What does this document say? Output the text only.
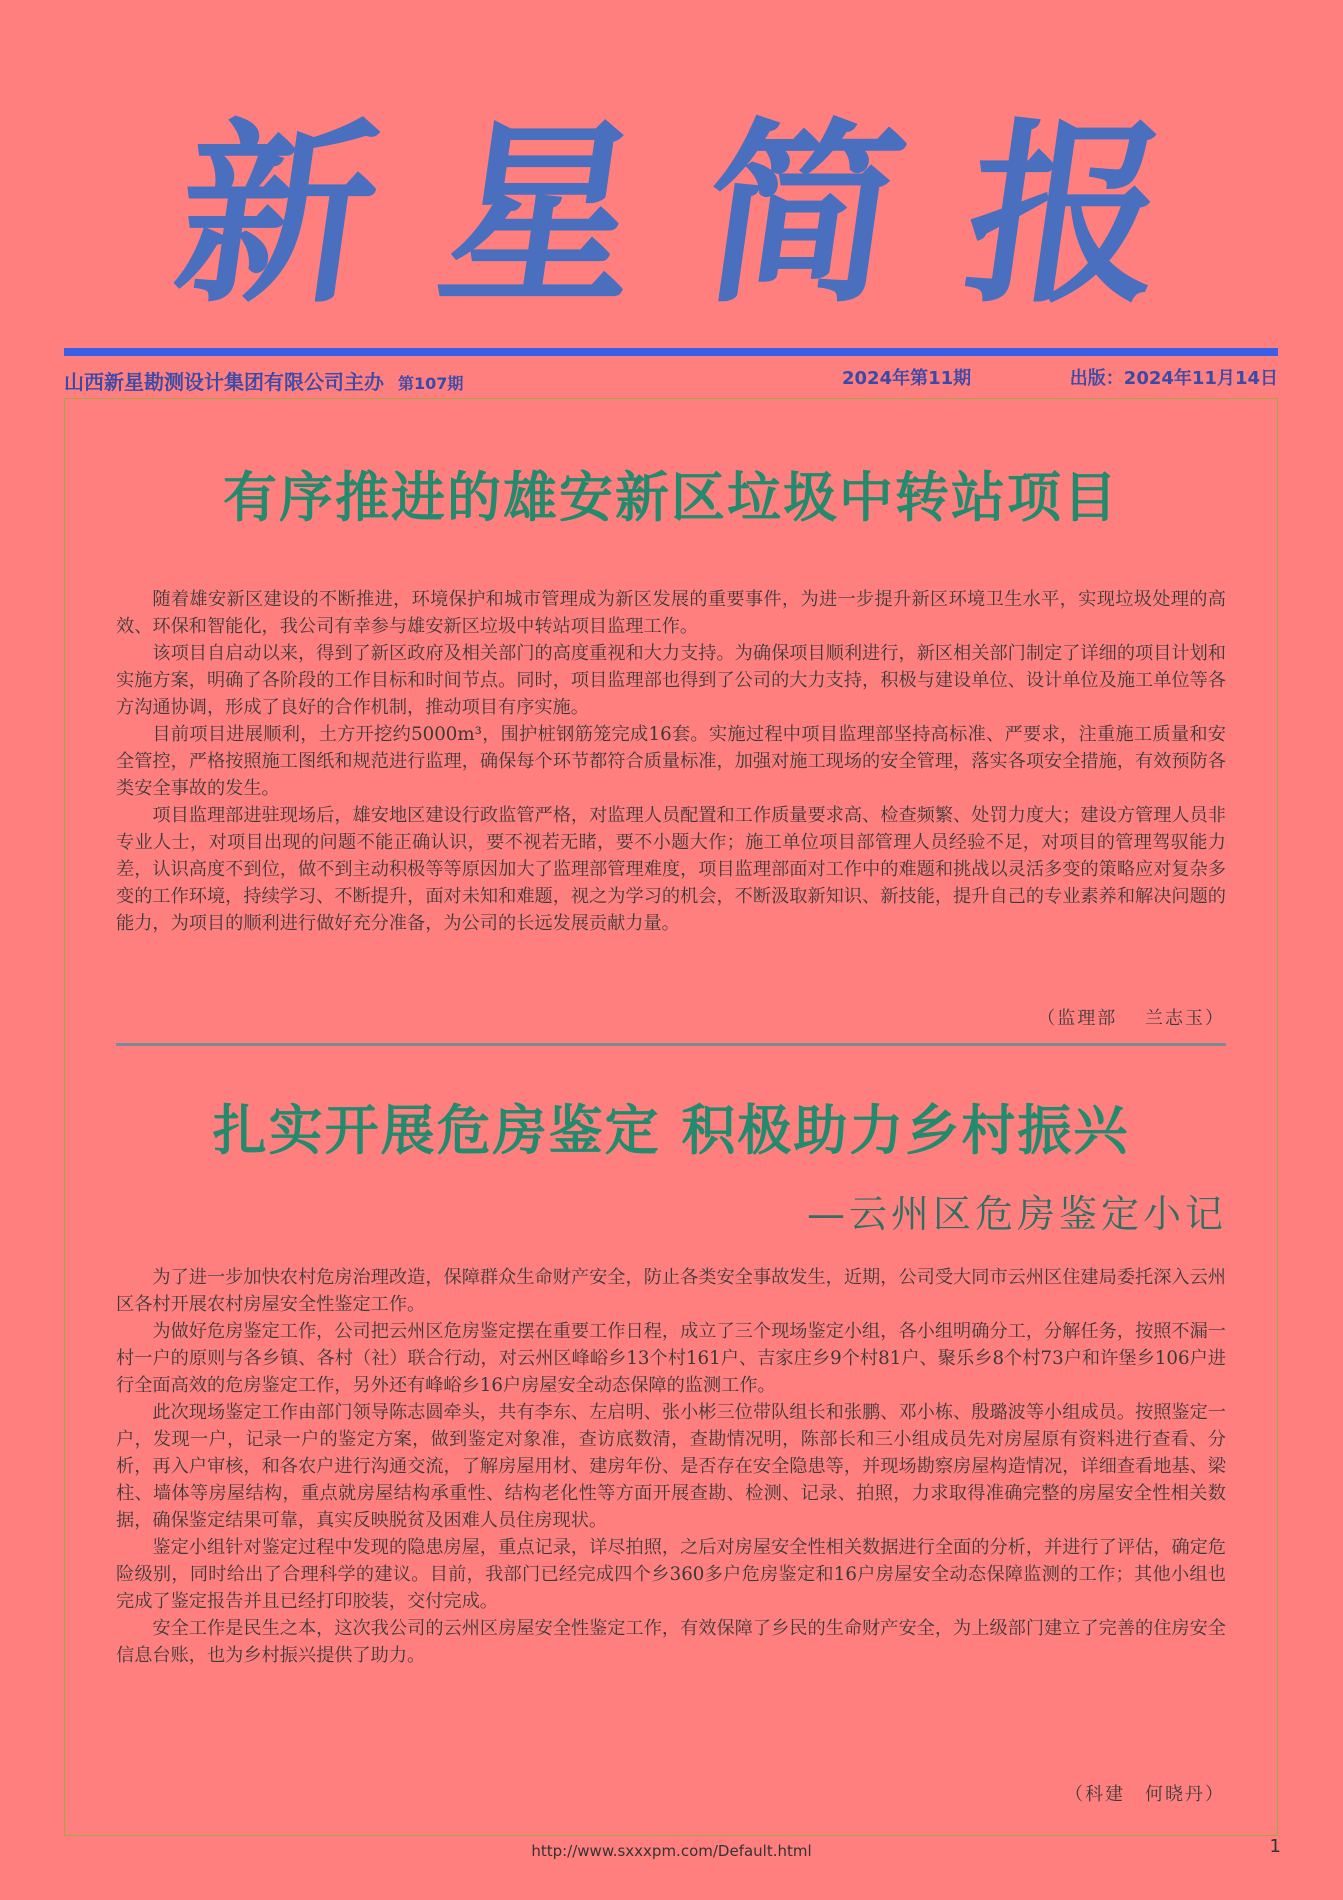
新 星 简 报
山西新星勘测设计集团有限公司主办 第107期	2024年第11期	出版：2024年11月14日
有序推进的雄安新区垃圾中转站项目

随着雄安新区建设的不断推进，环境保护和城市管理成为新区发展的重要事件，为进一步提升新区环境卫生水平，实现垃圾处理的高效、环保和智能化，我公司有幸参与雄安新区垃圾中转站项目监理工作。

该项目自启动以来，得到了新区政府及相关部门的高度重视和大力支持。为确保项目顺利进行，新区相关部门制定了详细的项目计划和实施方案，明确了各阶段的工作目标和时间节点。同时，项目监理部也得到了公司的大力支持，积极与建设单位、设计单位及施工单位等各方沟通协调，形成了良好的合作机制，推动项目有序实施。

目前项目进展顺利，土方开挖约5000m³，围护桩钢筋笼完成16套。实施过程中项目监理部坚持高标准、严要求，注重施工质量和安全管控，严格按照施工图纸和规范进行监理，确保每个环节都符合质量标准，加强对施工现场的安全管理，落实各项安全措施，有效预防各类安全事故的发生。

项目监理部进驻现场后，雄安地区建设行政监管严格，对监理人员配置和工作质量要求高、检查频繁、处罚力度大；建设方管理人员非专业人士，对项目出现的问题不能正确认识，要不视若无睹，要不小题大作；施工单位项目部管理人员经验不足，对项目的管理驾驭能力差，认识高度不到位，做不到主动积极等等原因加大了监理部管理难度，项目监理部面对工作中的难题和挑战以灵活多变的策略应对复杂多变的工作环境，持续学习、不断提升，面对未知和难题，视之为学习的机会，不断汲取新知识、新技能，提升自己的专业素养和解决问题的能力，为项目的顺利进行做好充分准备，为公司的长远发展贡献力量。

（监理部　 兰志玉）
扎实开展危房鉴定 积极助力乡村振兴
—云州区危房鉴定小记

为了进一步加快农村危房治理改造，保障群众生命财产安全，防止各类安全事故发生，近期，公司受大同市云州区住建局委托深入云州区各村开展农村房屋安全性鉴定工作。

为做好危房鉴定工作，公司把云州区危房鉴定摆在重要工作日程，成立了三个现场鉴定小组，各小组明确分工，分解任务，按照不漏一村一户的原则与各乡镇、各村（社）联合行动，对云州区峰峪乡13个村161户、吉家庄乡9个村81户、聚乐乡8个村73户和许堡乡106户进行全面高效的危房鉴定工作，另外还有峰峪乡16户房屋安全动态保障的监测工作。

此次现场鉴定工作由部门领导陈志圆牵头，共有李东、左启明、张小彬三位带队组长和张鹏、邓小栋、殷璐波等小组成员。按照鉴定一户，发现一户，记录一户的鉴定方案，做到鉴定对象准，查访底数清，查勘情况明，陈部长和三小组成员先对房屋原有资料进行查看、分析，再入户审核，和各农户进行沟通交流，了解房屋用材、建房年份、是否存在安全隐患等，并现场勘察房屋构造情况，详细查看地基、梁柱、墙体等房屋结构，重点就房屋结构承重性、结构老化性等方面开展查勘、检测、记录、拍照，力求取得准确完整的房屋安全性相关数据，确保鉴定结果可靠，真实反映脱贫及困难人员住房现状。

鉴定小组针对鉴定过程中发现的隐患房屋，重点记录，详尽拍照，之后对房屋安全性相关数据进行全面的分析，并进行了评估，确定危险级别，同时给出了合理科学的建议。目前，我部门已经完成四个乡360多户危房鉴定和16户房屋安全动态保障监测的工作；其他小组也完成了鉴定报告并且已经打印胶装，交付完成。

安全工作是民生之本，这次我公司的云州区房屋安全性鉴定工作，有效保障了乡民的生命财产安全，为上级部门建立了完善的住房安全信息台账，也为乡村振兴提供了助力。

（科建　何晓丹）
http://www.sxxxpm.com/Default.html	1
